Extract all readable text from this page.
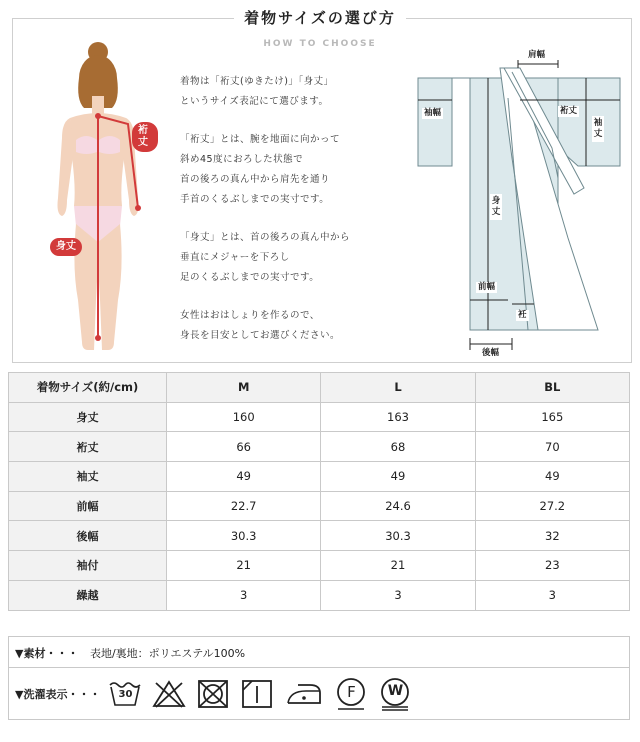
着物サイズの選び方
HOW TO CHOOSE
裄丈
身丈

着物は「裄丈(ゆきたけ)」「身丈」
というサイズ表記にて選びます。

「裄丈」とは、腕を地面に向かって
斜め45度におろした状態で
首の後ろの真ん中から肩先を通り
手首のくるぶしまでの実寸です。

「身丈」とは、首の後ろの真ん中から
垂直にメジャーを下ろし
足のくるぶしまでの実寸です。

女性はおはしょりを作るので、
身長を目安としてお選びください。

肩幅
袖幅	裄丈
袖丈
身丈
前幅
衽
後幅
着物サイズ(約/cm)	M	L	BL
身丈	160	163	165
裄丈	66	68	70
袖丈	49	49	49
前幅	22.7	24.6	27.2
後幅	30.3	30.3	32
袖付	21	21	23
繰越	3	3	3
▼素材・・・ 表地/裏地：ポリエステル100%
▼洗濯表示・・・	30	F	W
